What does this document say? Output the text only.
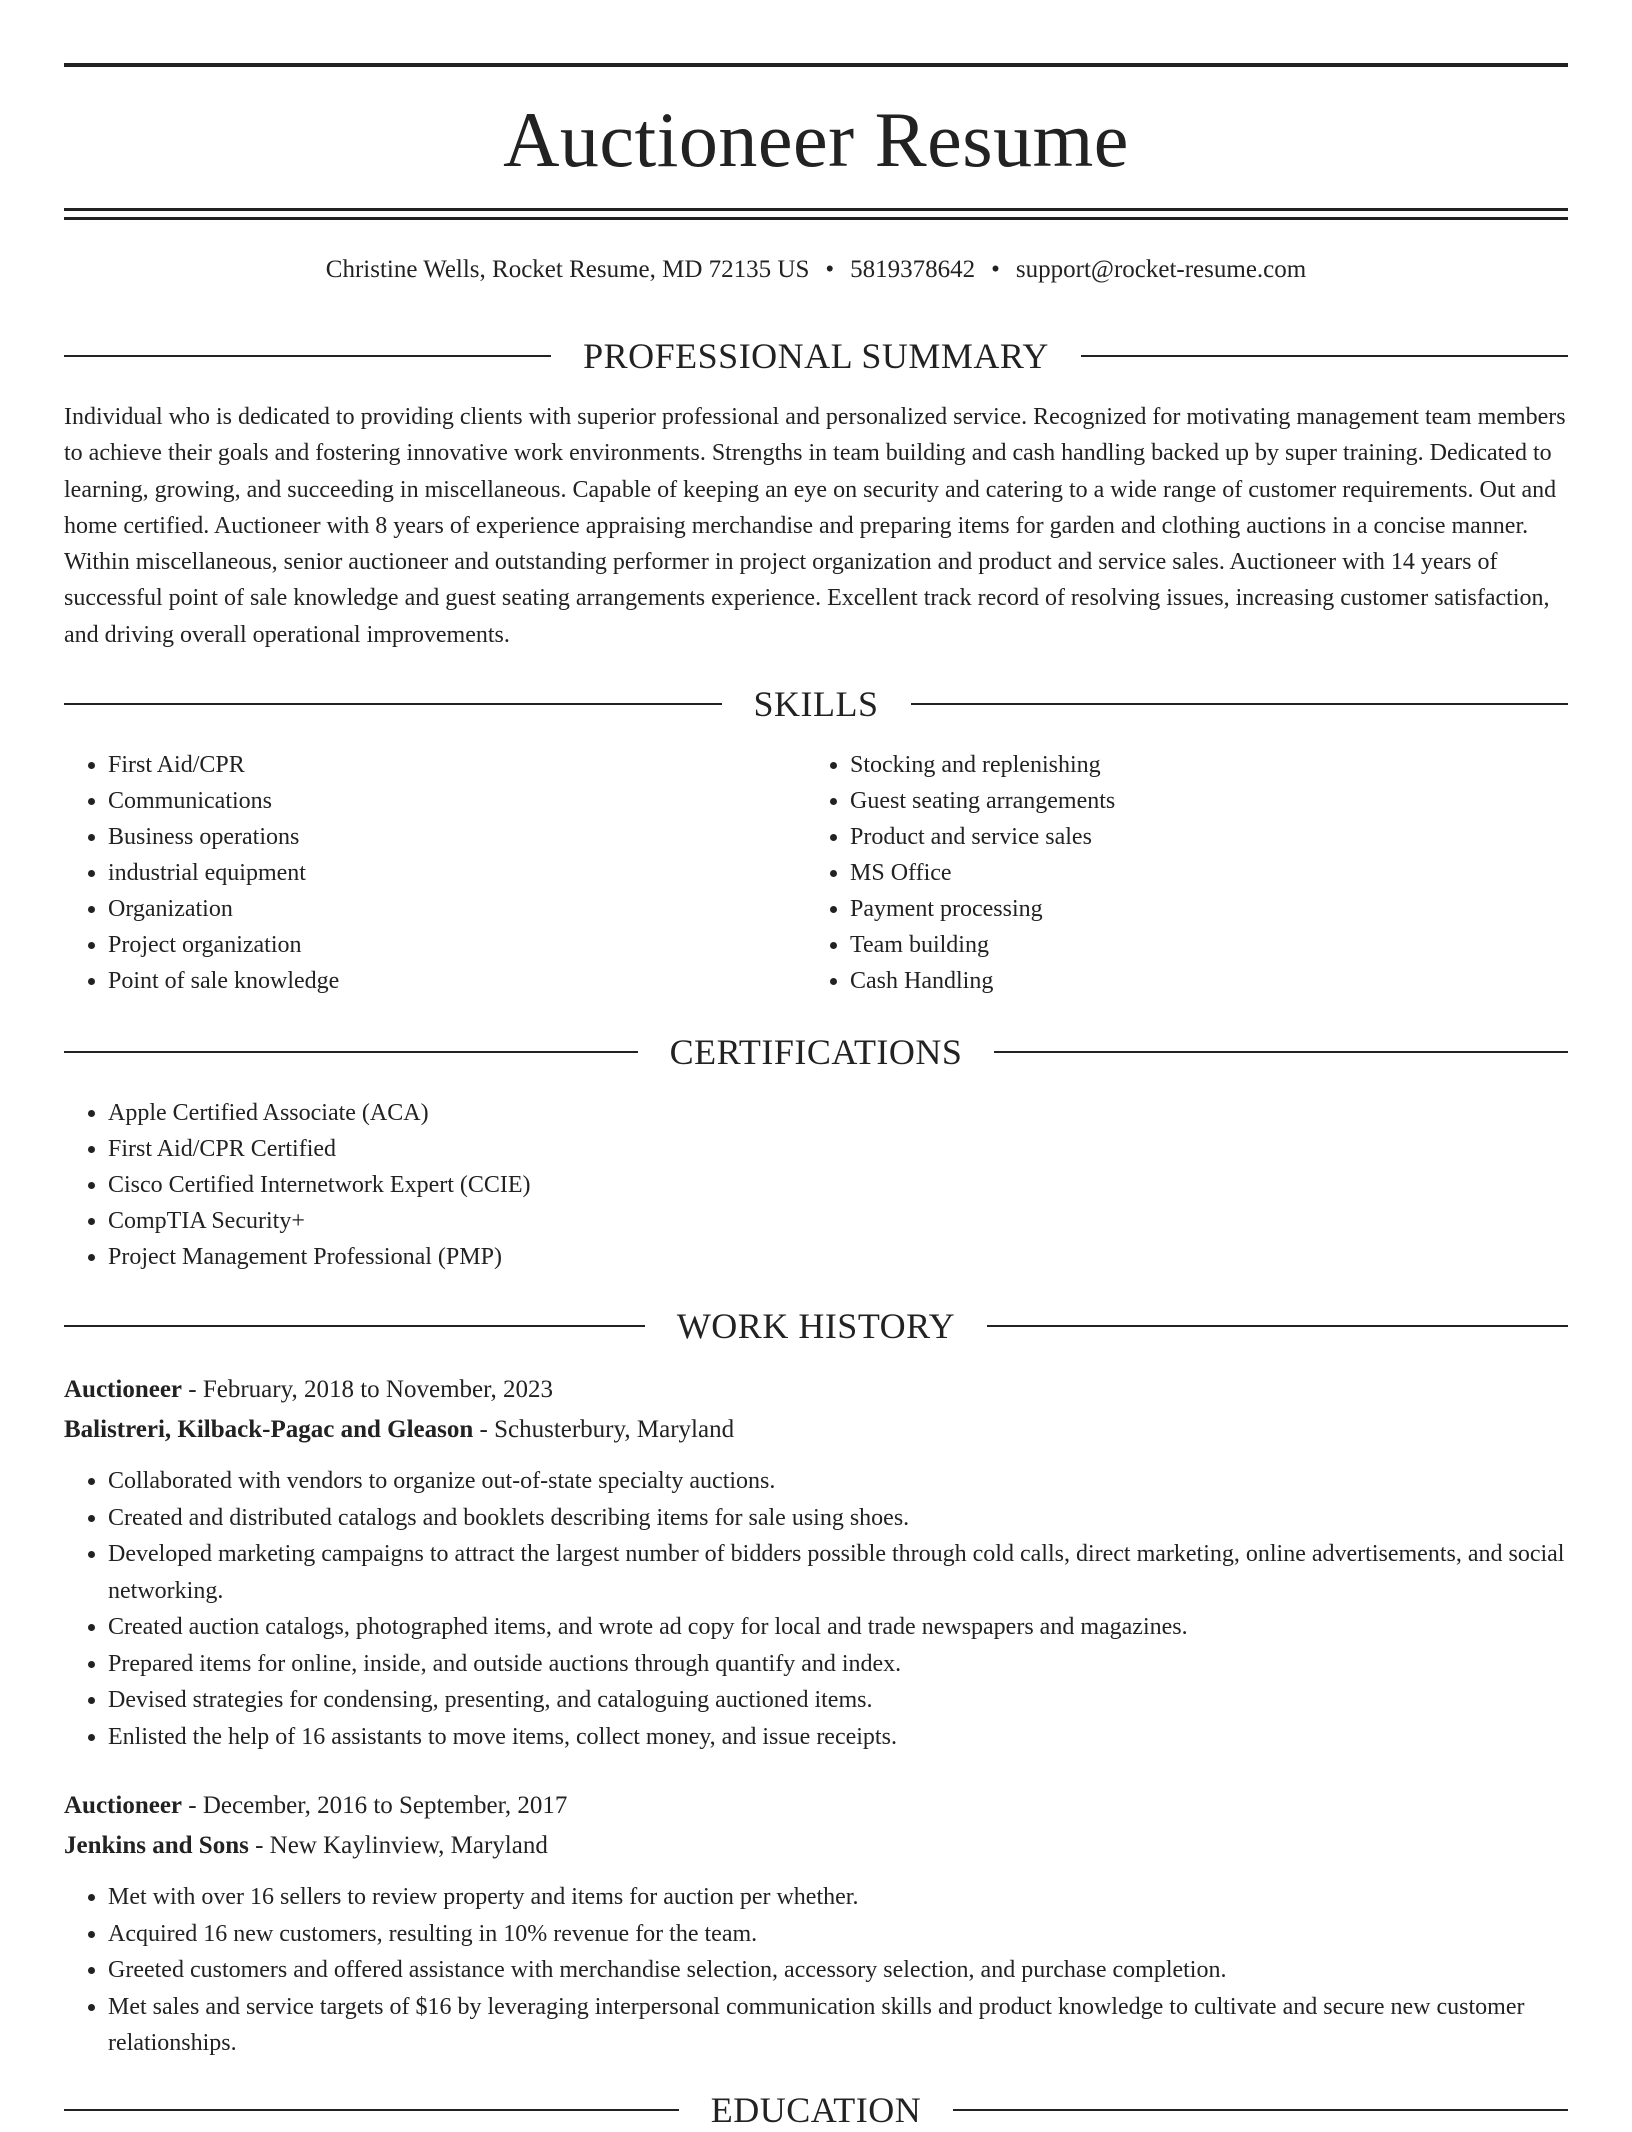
Auctioneer Resume
Christine Wells, Rocket Resume, MD 72135 US • 5819378642 • support@rocket-resume.com
PROFESSIONAL SUMMARY

Individual who is dedicated to providing clients with superior professional and personalized service. Recognized for motivating management team members to achieve their goals and fostering innovative work environments. Strengths in team building and cash handling backed up by super training. Dedicated to learning, growing, and succeeding in miscellaneous. Capable of keeping an eye on security and catering to a wide range of customer requirements. Out and home certified. Auctioneer with 8 years of experience appraising merchandise and preparing items for garden and clothing auctions in a concise manner. Within miscellaneous, senior auctioneer and outstanding performer in project organization and product and service sales. Auctioneer with 14 years of successful point of sale knowledge and guest seating arrangements experience. Excellent track record of resolving issues, increasing customer satisfaction, and driving overall operational improvements.

SKILLS
• First Aid/CPR
• Communications
• Business operations
• industrial equipment
• Organization
• Project organization
• Point of sale knowledge
• Stocking and replenishing
• Guest seating arrangements
• Product and service sales
• MS Office
• Payment processing
• Team building
• Cash Handling
CERTIFICATIONS
• Apple Certified Associate (ACA)
• First Aid/CPR Certified
• Cisco Certified Internetwork Expert (CCIE)
• CompTIA Security+
• Project Management Professional (PMP)
WORK HISTORY
Auctioneer - February, 2018 to November, 2023
Balistreri, Kilback-Pagac and Gleason - Schusterbury, Maryland
• Collaborated with vendors to organize out-of-state specialty auctions.
• Created and distributed catalogs and booklets describing items for sale using shoes.
• Developed marketing campaigns to attract the largest number of bidders possible through cold calls, direct marketing, online advertisements, and social networking.
• Created auction catalogs, photographed items, and wrote ad copy for local and trade newspapers and magazines.
• Prepared items for online, inside, and outside auctions through quantify and index.
• Devised strategies for condensing, presenting, and cataloguing auctioned items.
• Enlisted the help of 16 assistants to move items, collect money, and issue receipts.
Auctioneer - December, 2016 to September, 2017
Jenkins and Sons - New Kaylinview, Maryland
• Met with over 16 sellers to review property and items for auction per whether.
• Acquired 16 new customers, resulting in 10% revenue for the team.
• Greeted customers and offered assistance with merchandise selection, accessory selection, and purchase completion.
• Met sales and service targets of $16 by leveraging interpersonal communication skills and product knowledge to cultivate and secure new customer relationships.
EDUCATION
